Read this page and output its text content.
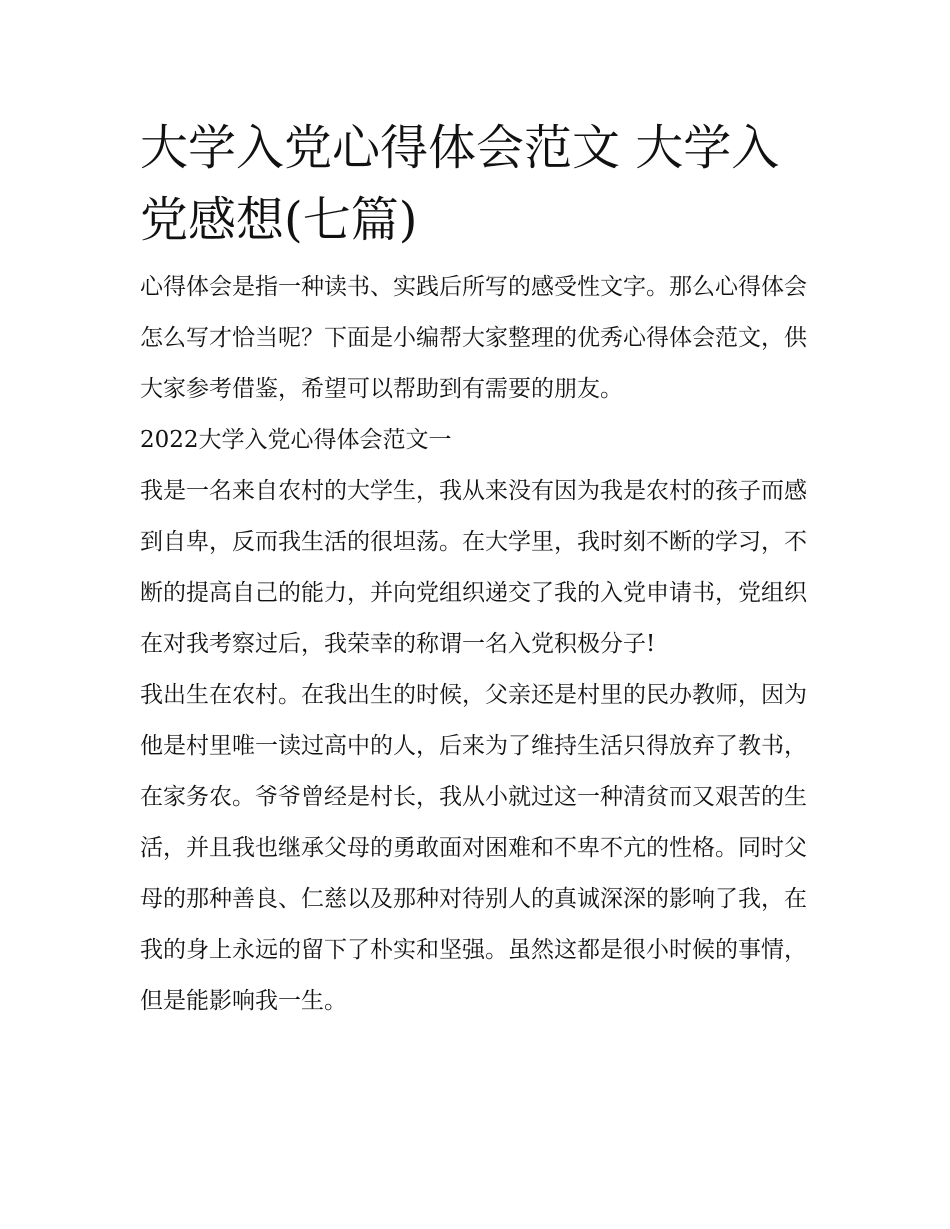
大学入党心得体会范文 大学入党感想(七篇)

心得体会是指一种读书、实践后所写的感受性文字。那么心得体会怎么写才恰当呢？下面是小编帮大家整理的优秀心得体会范文，供大家参考借鉴，希望可以帮助到有需要的朋友。

2022大学入党心得体会范文一

我是一名来自农村的大学生，我从来没有因为我是农村的孩子而感到自卑，反而我生活的很坦荡。在大学里，我时刻不断的学习，不断的提高自己的能力，并向党组织递交了我的入党申请书，党组织在对我考察过后，我荣幸的称谓一名入党积极分子!

我出生在农村。在我出生的时候，父亲还是村里的民办教师，因为他是村里唯一读过高中的人，后来为了维持生活只得放弃了教书，在家务农。爷爷曾经是村长，我从小就过这一种清贫而又艰苦的生活，并且我也继承父母的勇敢面对困难和不卑不亢的性格。同时父母的那种善良、仁慈以及那种对待别人的真诚深深的影响了我，在我的身上永远的留下了朴实和坚强。虽然这都是很小时候的事情，但是能影响我一生。
